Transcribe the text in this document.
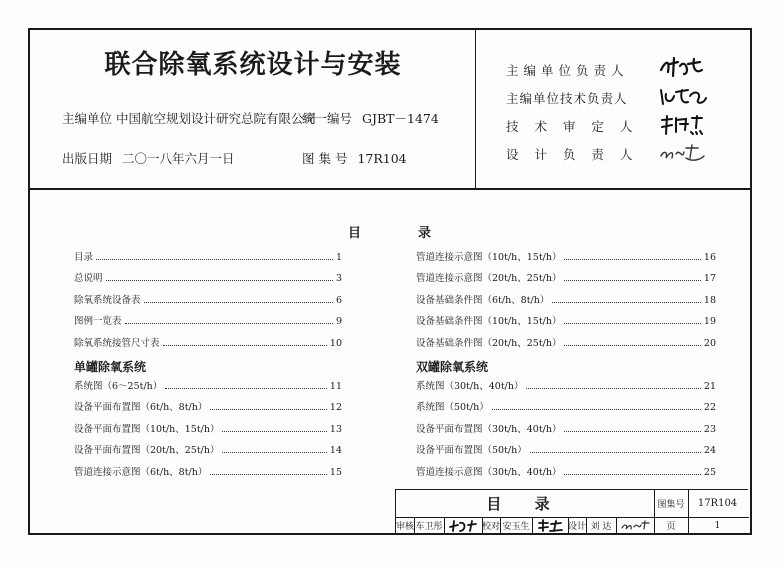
联合除氧系统设计与安装
主编单位 中国航空规划设计研究总院有限公司
统一编号 GJBT－1474
出版日期 二〇一八年六月一日	图 集 号 17R104
主编单位负责人
主编单位技术负责人
技 术 审 定 人
设 计 负 责 人
目	录
目录	1
总说明	3
除氧系统设备表	6
图例一览表	9
除氧系统接管尺寸表	10
单罐除氧系统
系统图（6～25t/h）	11
设备平面布置图（6t/h、8t/h）	12
设备平面布置图（10t/h、15t/h）	13
设备平面布置图（20t/h、25t/h）	14
管道连接示意图（6t/h、8t/h）	15
管道连接示意图（10t/h、15t/h）	16
管道连接示意图（20t/h、25t/h）	17
设备基础条件图（6t/h、8t/h）	18
设备基础条件图（10t/h、15t/h）	19
设备基础条件图（20t/h、25t/h）	20
双罐除氧系统
系统图（30t/h、40t/h）	21
系统图（50t/h）	22
设备平面布置图（30t/h、40t/h）	23
设备平面布置图（50t/h）	24
管道连接示意图（30t/h、40t/h）	25
目 录	图集号	17R104
审核 车卫彤	校对 安玉生	设计 刘 达	页	1
